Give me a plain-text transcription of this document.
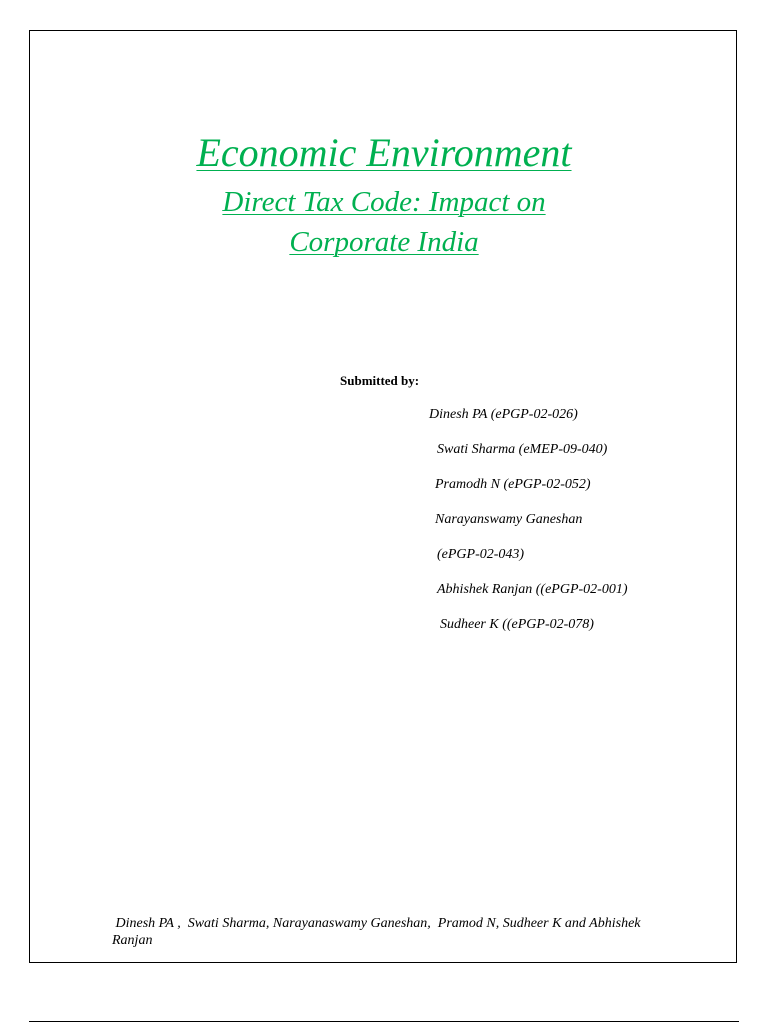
Economic Environment
Direct Tax Code: Impact on
Corporate India
Submitted by:
Dinesh PA (ePGP-02-026)
Swati Sharma (eMEP-09-040)
Pramodh N (ePGP-02-052)
Narayanswamy Ganeshan
(ePGP-02-043)
Abhishek Ranjan ((ePGP-02-001)
Sudheer K ((ePGP-02-078)
Dinesh PA ,  Swati Sharma, Narayanaswamy Ganeshan,  Pramod N, Sudheer K and Abhishek Ranjan
